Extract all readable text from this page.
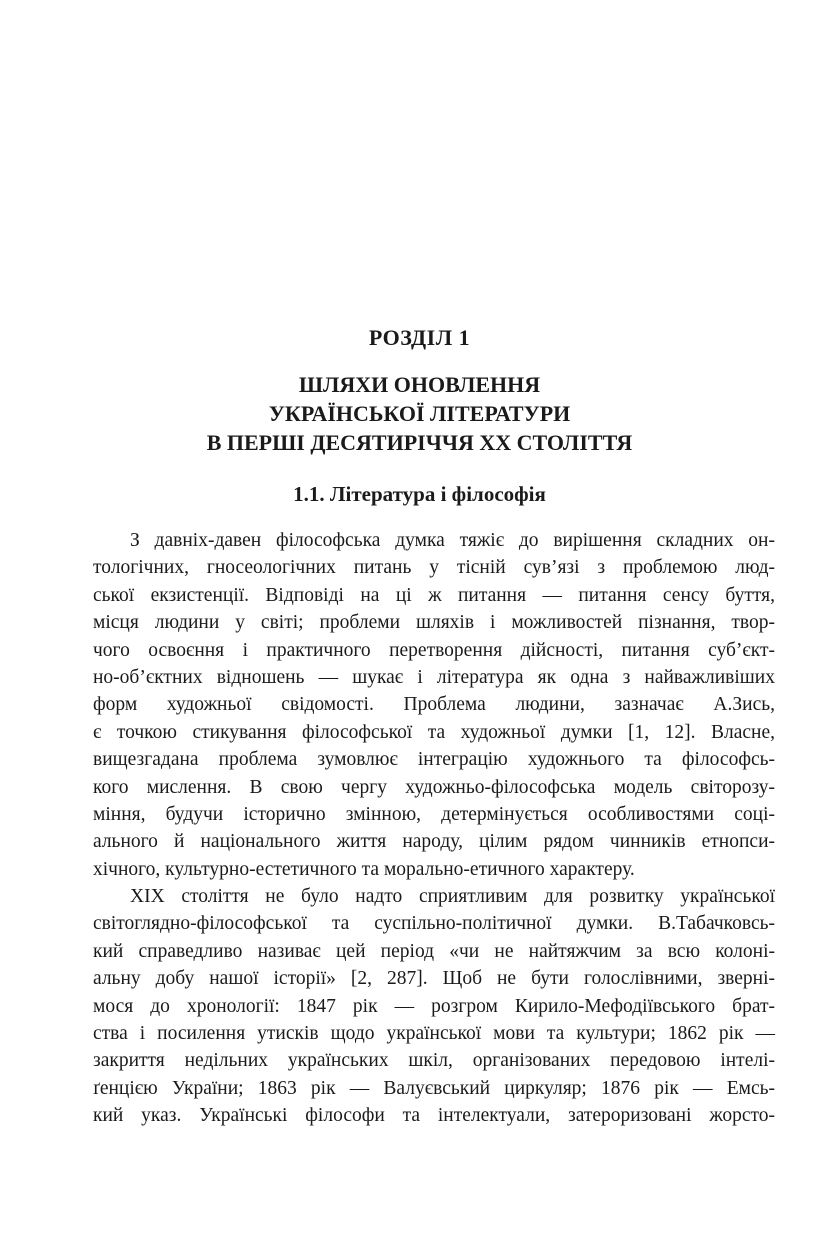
РОЗДІЛ 1
ШЛЯХИ ОНОВЛЕННЯ
УКРАЇНСЬКОЇ ЛІТЕРАТУРИ
В ПЕРШІ ДЕСЯТИРІЧЧЯ ХХ СТОЛІТТЯ
1.1. Література і філософія
З давніх-давен філософська думка тяжіє до вирішення складних он-
тологічних, гносеологічних питань у тісній сув’язі з проблемою люд-
ської екзистенції. Відповіді на ці ж питання — питання сенсу буття,
місця людини у світі; проблеми шляхів і можливостей пізнання, твор-
чого освоєння і практичного перетворення дійсності, питання суб’єкт-
но-об’єктних відношень — шукає і література як одна з найважливіших
форм художньої свідомості. Проблема людини, зазначає А.Зись,
є точкою стикування філософської та художньої думки [1, 12]. Власне,
вищезгадана проблема зумовлює інтеграцію художнього та філософсь-
кого мислення. В свою чергу художньо-філософська модель світорозу-
міння, будучи історично змінною, детермінується особливостями соці-
ального й національного життя народу, цілим рядом чинників етнопси-
хічного, культурно-естетичного та морально-етичного характеру.
XIX століття не було надто сприятливим для розвитку української
світоглядно-філософської та суспільно-політичної думки. В.Табачковсь-
кий справедливо називає цей період «чи не найтяжчим за всю колоні-
альну добу нашої історії» [2, 287]. Щоб не бути голослівними, зверні-
мося до хронології: 1847 рік — розгром Кирило-Мефодіївського брат-
ства і посилення утисків щодо української мови та культури; 1862 рік —
закриття недільних українських шкіл, організованих передовою інтелі-
ґенцією України; 1863 рік — Валуєвський циркуляр; 1876 рік — Емсь-
кий указ. Українські філософи та інтелектуали, затероризовані жорсто-
